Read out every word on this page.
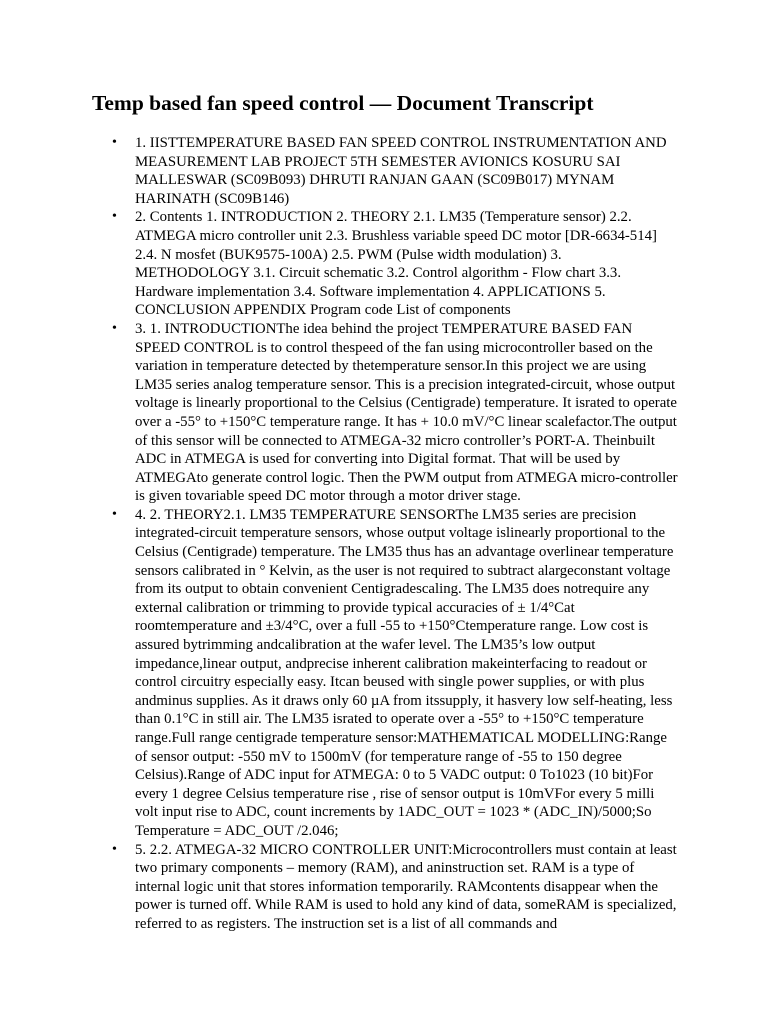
Temp based fan speed control — Document Transcript
• 1. IISTTEMPERATURE BASED FAN SPEED CONTROL INSTRUMENTATION AND MEASUREMENT LAB PROJECT 5TH SEMESTER AVIONICS KOSURU SAI MALLESWAR (SC09B093) DHRUTI RANJAN GAAN (SC09B017) MYNAM HARINATH (SC09B146)
• 2. Contents 1. INTRODUCTION 2. THEORY 2.1. LM35 (Temperature sensor) 2.2. ATMEGA micro controller unit 2.3. Brushless variable speed DC motor [DR-6634-514] 2.4. N mosfet (BUK9575-100A) 2.5. PWM (Pulse width modulation) 3. METHODOLOGY 3.1. Circuit schematic 3.2. Control algorithm - Flow chart 3.3. Hardware implementation 3.4. Software implementation 4. APPLICATIONS 5. CONCLUSION APPENDIX Program code List of components
• 3. 1. INTRODUCTIONThe idea behind the project TEMPERATURE BASED FAN SPEED CONTROL is to control thespeed of the fan using microcontroller based on the variation in temperature detected by thetemperature sensor.In this project we are using LM35 series analog temperature sensor. This is a precision integrated-circuit, whose output voltage is linearly proportional to the Celsius (Centigrade) temperature. It israted to operate over a -55° to +150°C temperature range. It has + 10.0 mV/°C linear scalefactor.The output of this sensor will be connected to ATMEGA-32 micro controller’s PORT-A. Theinbuilt ADC in ATMEGA is used for converting into Digital format. That will be used by ATMEGAto generate control logic. Then the PWM output from ATMEGA micro-controller is given tovariable speed DC motor through a motor driver stage.
• 4. 2. THEORY2.1. LM35 TEMPERATURE SENSORThe LM35 series are precision integrated-circuit temperature sensors, whose output voltage islinearly proportional to the Celsius (Centigrade) temperature. The LM35 thus has an advantage overlinear temperature sensors calibrated in ° Kelvin, as the user is not required to subtract alargeconstant voltage from its output to obtain convenient Centigradescaling. The LM35 does notrequire any external calibration or trimming to provide typical accuracies of ± 1/4°Cat roomtemperature and ±3/4°C, over a full -55 to +150°Ctemperature range. Low cost is assured bytrimming andcalibration at the wafer level. The LM35’s low output impedance,linear output, andprecise inherent calibration makeinterfacing to readout or control circuitry especially easy. Itcan beused with single power supplies, or with plus andminus supplies. As it draws only 60 µA from itssupply, it hasvery low self-heating, less than 0.1°C in still air. The LM35 israted to operate over a -55° to +150°C temperature range.Full range centigrade temperature sensor:MATHEMATICAL MODELLING:Range of sensor output: -550 mV to 1500mV (for temperature range of -55 to 150 degree Celsius).Range of ADC input for ATMEGA: 0 to 5 VADC output: 0 To1023 (10 bit)For every 1 degree Celsius temperature rise , rise of sensor output is 10mVFor every 5 milli volt input rise to ADC, count increments by 1ADC_OUT = 1023 * (ADC_IN)/5000;So Temperature = ADC_OUT /2.046;
• 5. 2.2. ATMEGA-32 MICRO CONTROLLER UNIT:Microcontrollers must contain at least two primary components – memory (RAM), and aninstruction set. RAM is a type of internal logic unit that stores information temporarily. RAMcontents disappear when the power is turned off. While RAM is used to hold any kind of data, someRAM is specialized, referred to as registers. The instruction set is a list of all commands and
